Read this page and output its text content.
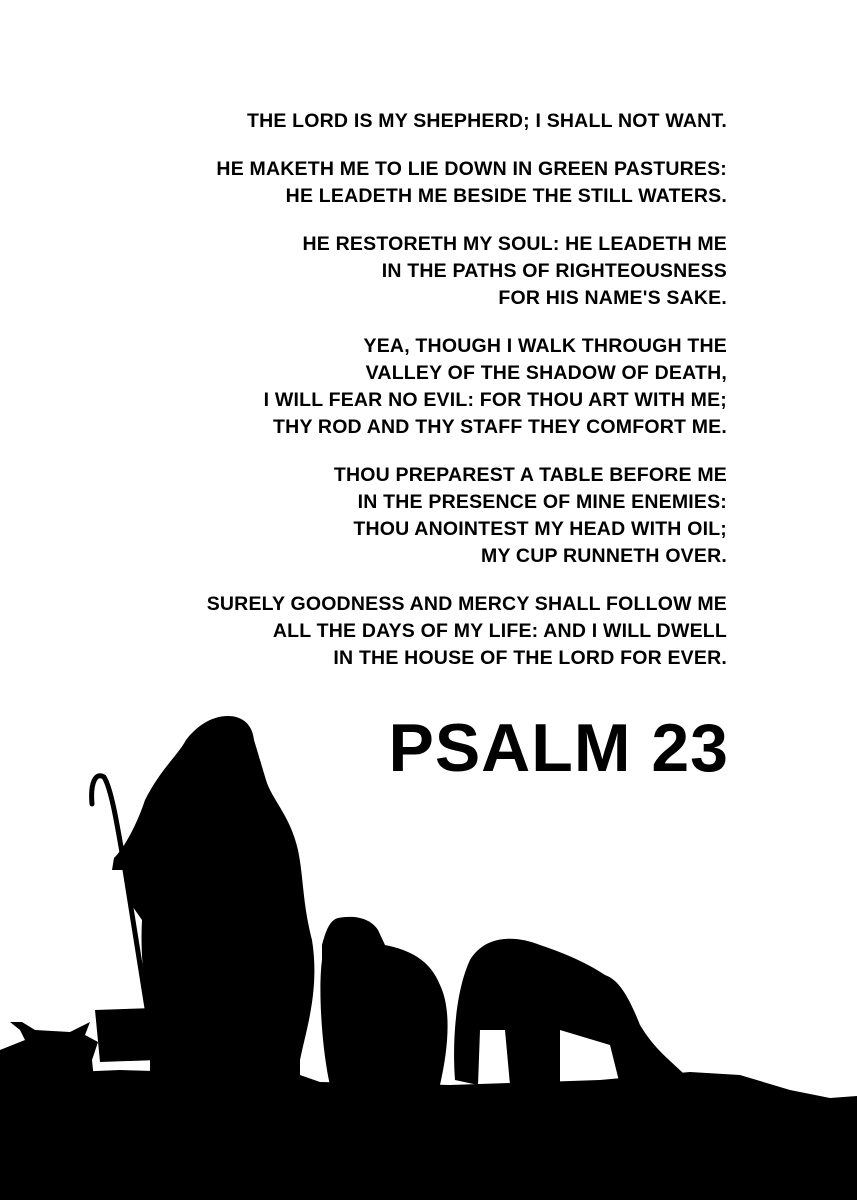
THE LORD IS MY SHEPHERD; I SHALL NOT WANT.
HE MAKETH ME TO LIE DOWN IN GREEN PASTURES:
HE LEADETH ME BESIDE THE STILL WATERS.
HE RESTORETH MY SOUL: HE LEADETH ME
IN THE PATHS OF RIGHTEOUSNESS
FOR HIS NAME'S SAKE.
YEA, THOUGH I WALK THROUGH THE
VALLEY OF THE SHADOW OF DEATH,
I WILL FEAR NO EVIL: FOR THOU ART WITH ME;
THY ROD AND THY STAFF THEY COMFORT ME.
THOU PREPAREST A TABLE BEFORE ME
IN THE PRESENCE OF MINE ENEMIES:
THOU ANOINTEST MY HEAD WITH OIL;
MY CUP RUNNETH OVER.
SURELY GOODNESS AND MERCY SHALL FOLLOW ME
ALL THE DAYS OF MY LIFE: AND I WILL DWELL
IN THE HOUSE OF THE LORD FOR EVER.
PSALM 23
